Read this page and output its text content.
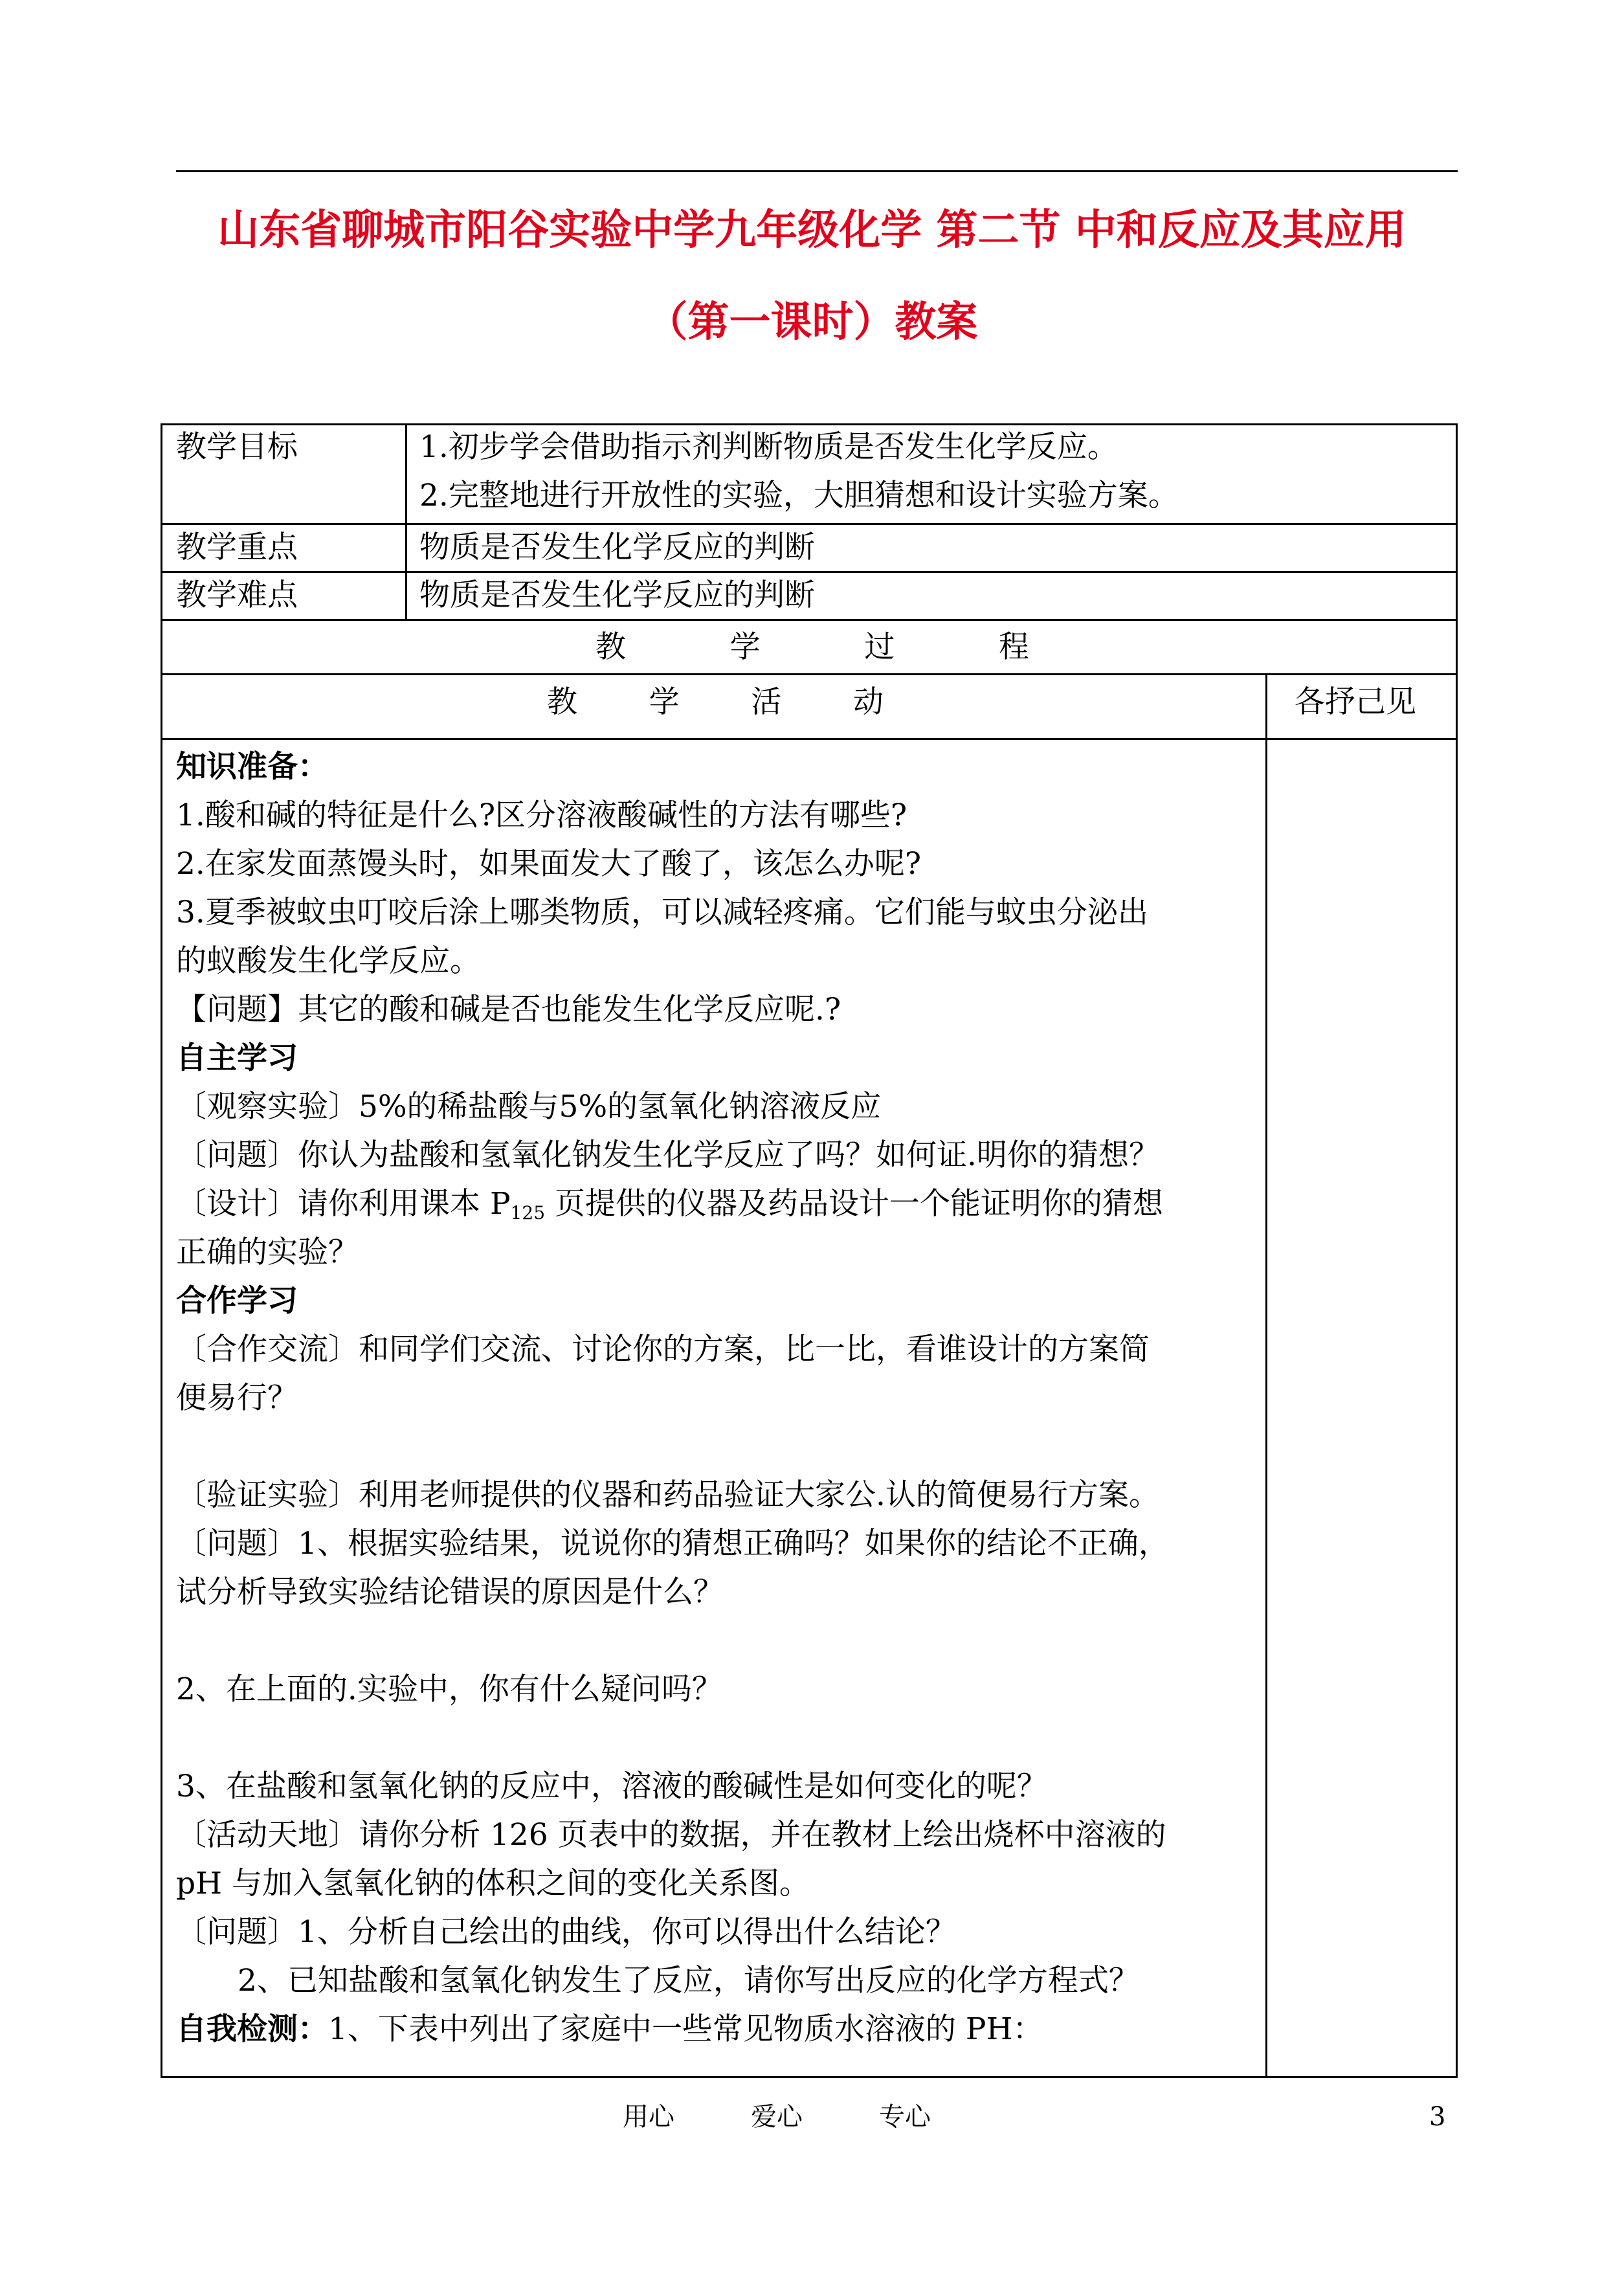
山东省聊城市阳谷实验中学九年级化学 第二节 中和反应及其应用
（第一课时）教案
教学目标	1.初步学会借助指示剂判断物质是否发生化学反应。
2.完整地进行开放性的实验，大胆猜想和设计实验方案。
教学重点	物质是否发生化学反应的判断
教学难点	物质是否发生化学反应的判断
教	学	过	程
教 学 活 动	各抒己见
知识准备：
1.酸和碱的特征是什么?区分溶液酸碱性的方法有哪些?
2.在家发面蒸馒头时，如果面发大了酸了，该怎么办呢?
3.夏季被蚊虫叮咬后涂上哪类物质，可以减轻疼痛。它们能与蚊虫分泌出
的蚁酸发生化学反应。
【问题】其它的酸和碱是否也能发生化学反应呢.?
自主学习
〔观察实验〕5%的稀盐酸与5%的氢氧化钠溶液反应
〔问题〕你认为盐酸和氢氧化钠发生化学反应了吗？如何证.明你的猜想？
〔设计〕请你利用课本 $P_{125}$ 页提供的仪器及药品设计一个能证明你的猜想
正确的实验？
合作学习
〔合作交流〕和同学们交流、讨论你的方案，比一比，看谁设计的方案简
便易行？
〔验证实验〕利用老师提供的仪器和药品验证大家公.认的简便易行方案。
〔问题〕1、根据实验结果，说说你的猜想正确吗？如果你的结论不正确，
试分析导致实验结论错误的原因是什么？
2、在上面的.实验中，你有什么疑问吗？
3、在盐酸和氢氧化钠的反应中，溶液的酸碱性是如何变化的呢？
〔活动天地〕请你分析 126 页表中的数据，并在教材上绘出烧杯中溶液的
pH 与加入氢氧化钠的体积之间的变化关系图。
〔问题〕1、分析自己绘出的曲线，你可以得出什么结论？
2、已知盐酸和氢氧化钠发生了反应，请你写出反应的化学方程式？
自我检测：1、下表中列出了家庭中一些常见物质水溶液的 PH：
用心	爱心	专心	3
